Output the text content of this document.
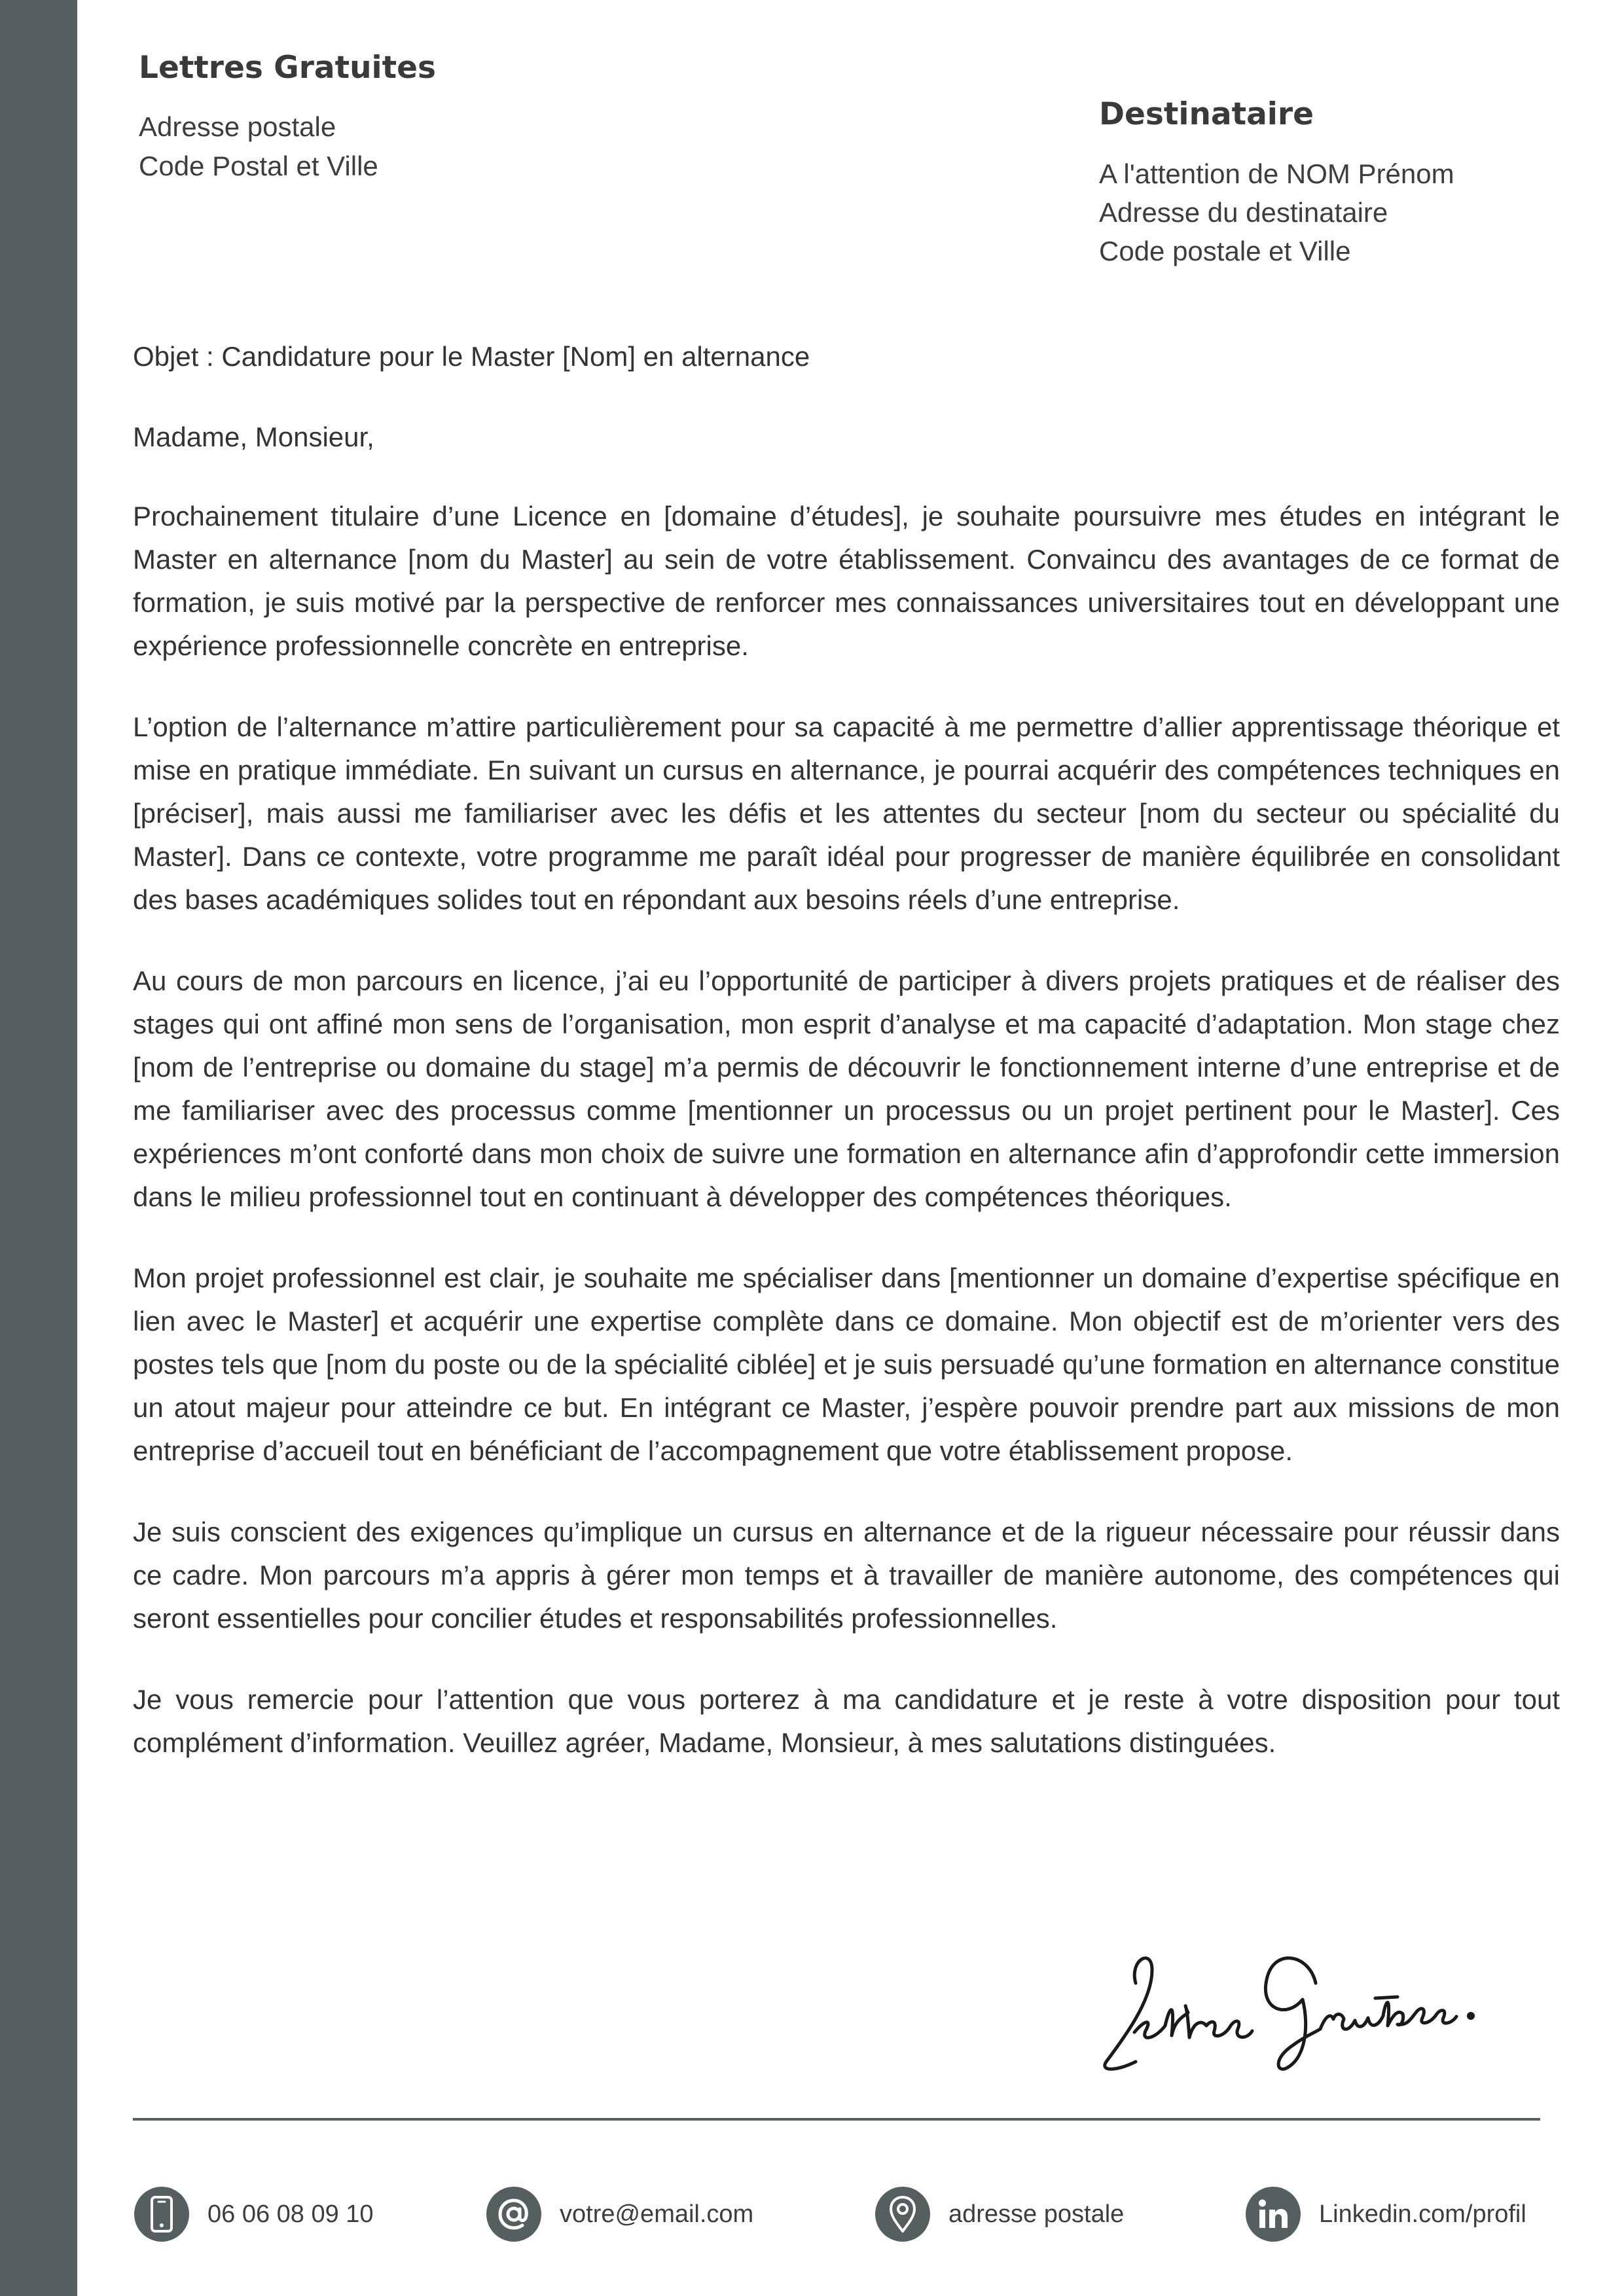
Lettres Gratuites

Adresse postale

Code Postal et Ville

Destinataire

A l'attention de NOM Prénom

Adresse du destinataire

Code postale et Ville

Objet : Candidature pour le Master [Nom] en alternance

Madame, Monsieur,

Prochainement titulaire d’une Licence en [domaine d’études], je souhaite poursuivre mes études en intégrant le Master en alternance [nom du Master] au sein de votre établissement. Convaincu des avantages de ce format de formation, je suis motivé par la perspective de renforcer mes connaissances universitaires tout en développant une expérience professionnelle concrète en entreprise.

L’option de l’alternance m’attire particulièrement pour sa capacité à me permettre d’allier apprentissage théorique et mise en pratique immédiate. En suivant un cursus en alternance, je pourrai acquérir des compétences techniques en [préciser], mais aussi me familiariser avec les défis et les attentes du secteur [nom du secteur ou spécialité du Master]. Dans ce contexte, votre programme me paraît idéal pour progresser de manière équilibrée en consolidant des bases académiques solides tout en répondant aux besoins réels d’une entreprise.

Au cours de mon parcours en licence, j’ai eu l’opportunité de participer à divers projets pratiques et de réaliser des stages qui ont affiné mon sens de l’organisation, mon esprit d’analyse et ma capacité d’adaptation. Mon stage chez [nom de l’entreprise ou domaine du stage] m’a permis de découvrir le fonctionnement interne d’une entreprise et de me familiariser avec des processus comme [mentionner un processus ou un projet pertinent pour le Master]. Ces expériences m’ont conforté dans mon choix de suivre une formation en alternance afin d’approfondir cette immersion dans le milieu professionnel tout en continuant à développer des compétences théoriques.

Mon projet professionnel est clair, je souhaite me spécialiser dans [mentionner un domaine d’expertise spécifique en lien avec le Master] et acquérir une expertise complète dans ce domaine. Mon objectif est de m’orienter vers des postes tels que [nom du poste ou de la spécialité ciblée] et je suis persuadé qu’une formation en alternance constitue un atout majeur pour atteindre ce but. En intégrant ce Master, j’espère pouvoir prendre part aux missions de mon entreprise d’accueil tout en bénéficiant de l’accompagnement que votre établissement propose.

Je suis conscient des exigences qu’implique un cursus en alternance et de la rigueur nécessaire pour réussir dans ce cadre. Mon parcours m’a appris à gérer mon temps et à travailler de manière autonome, des compétences qui seront essentielles pour concilier études et responsabilités professionnelles.

Je vous remercie pour l’attention que vous porterez à ma candidature et je reste à votre disposition pour tout complément d’information. Veuillez agréer, Madame, Monsieur, à mes salutations distinguées.

06 06 08 09 10	votre@email.com	adresse postale	Linkedin.com/profil
